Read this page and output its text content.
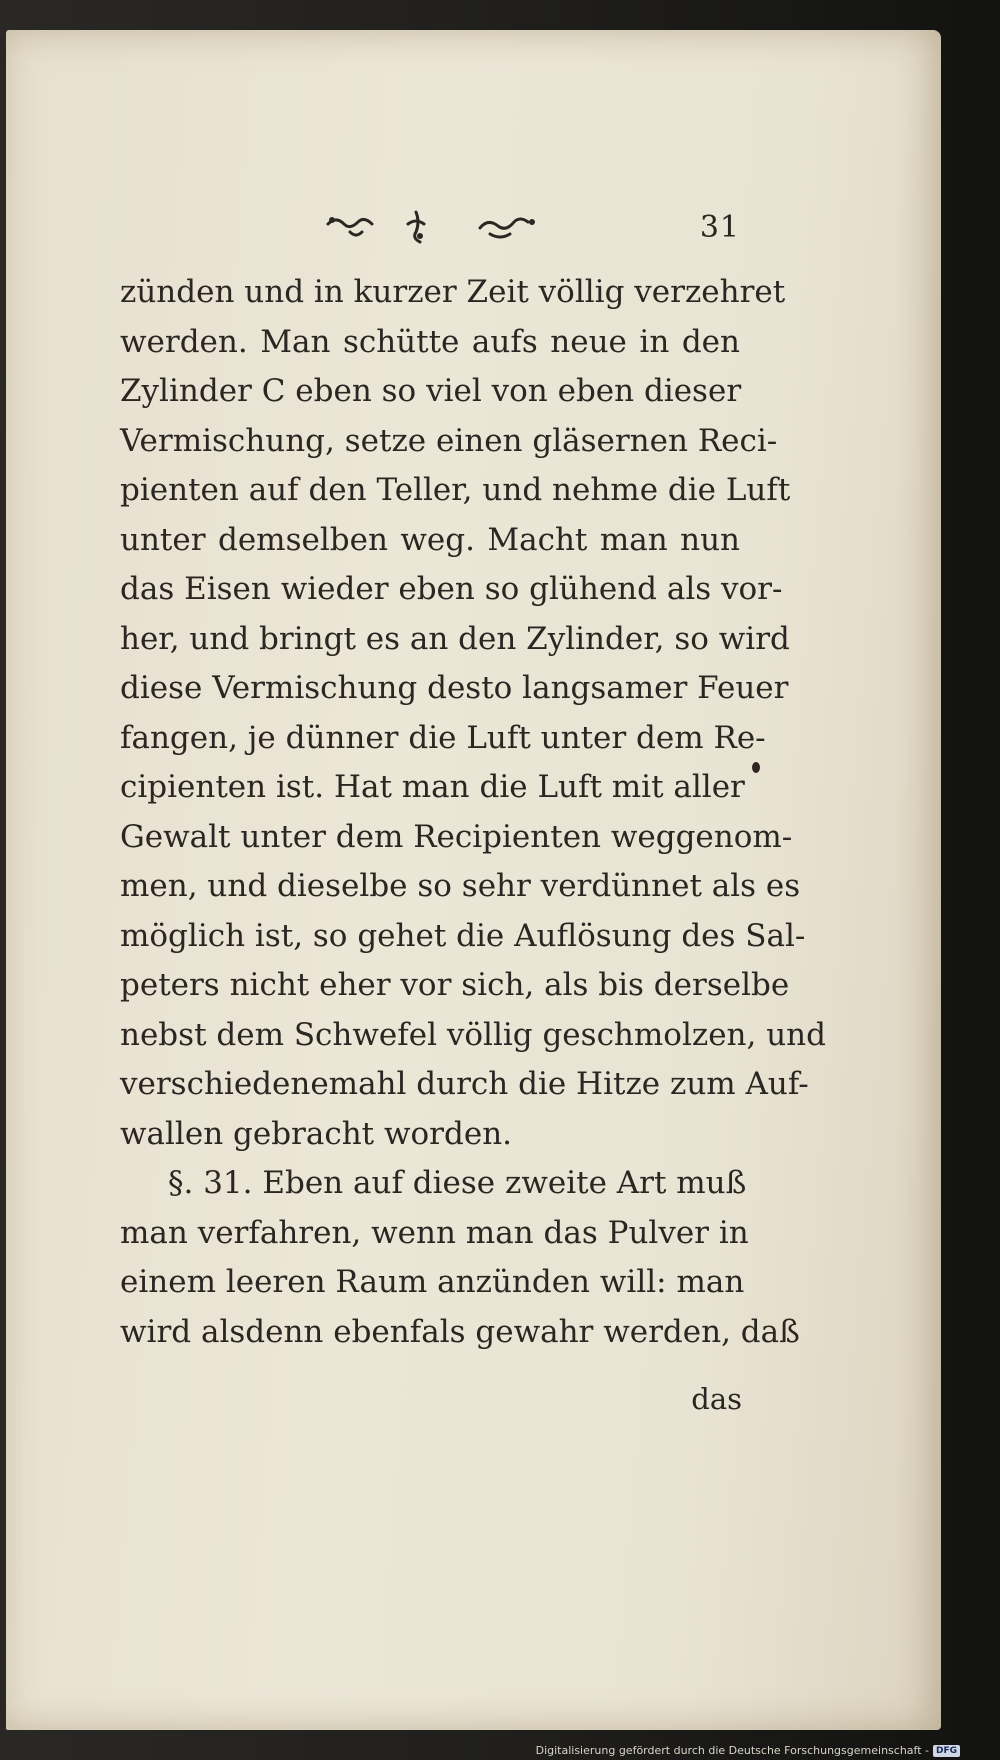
31
zünden und in kurzer Zeit völlig verzehret
werden. Man schütte aufs neue in den
Zylinder C eben so viel von eben dieser
Vermischung, setze einen gläsernen Reci-
pienten auf den Teller, und nehme die Luft
unter demselben weg. Macht man nun
das Eisen wieder eben so glühend als vor-
her, und bringt es an den Zylinder, so wird
diese Vermischung desto langsamer Feuer
fangen, je dünner die Luft unter dem Re-
cipienten ist. Hat man die Luft mit aller
Gewalt unter dem Recipienten weggenom-
men, und dieselbe so sehr verdünnet als es
möglich ist, so gehet die Auflösung des Sal-
peters nicht eher vor sich, als bis derselbe
nebst dem Schwefel völlig geschmolzen, und
verschiedenemahl durch die Hitze zum Auf-
wallen gebracht worden.
§. 31. Eben auf diese zweite Art muß
man verfahren, wenn man das Pulver in
einem leeren Raum anzünden will: man
wird alsdenn ebenfals gewahr werden, daß
das
Digitalisierung gefördert durch die Deutsche Forschungsgemeinschaft - DFG
